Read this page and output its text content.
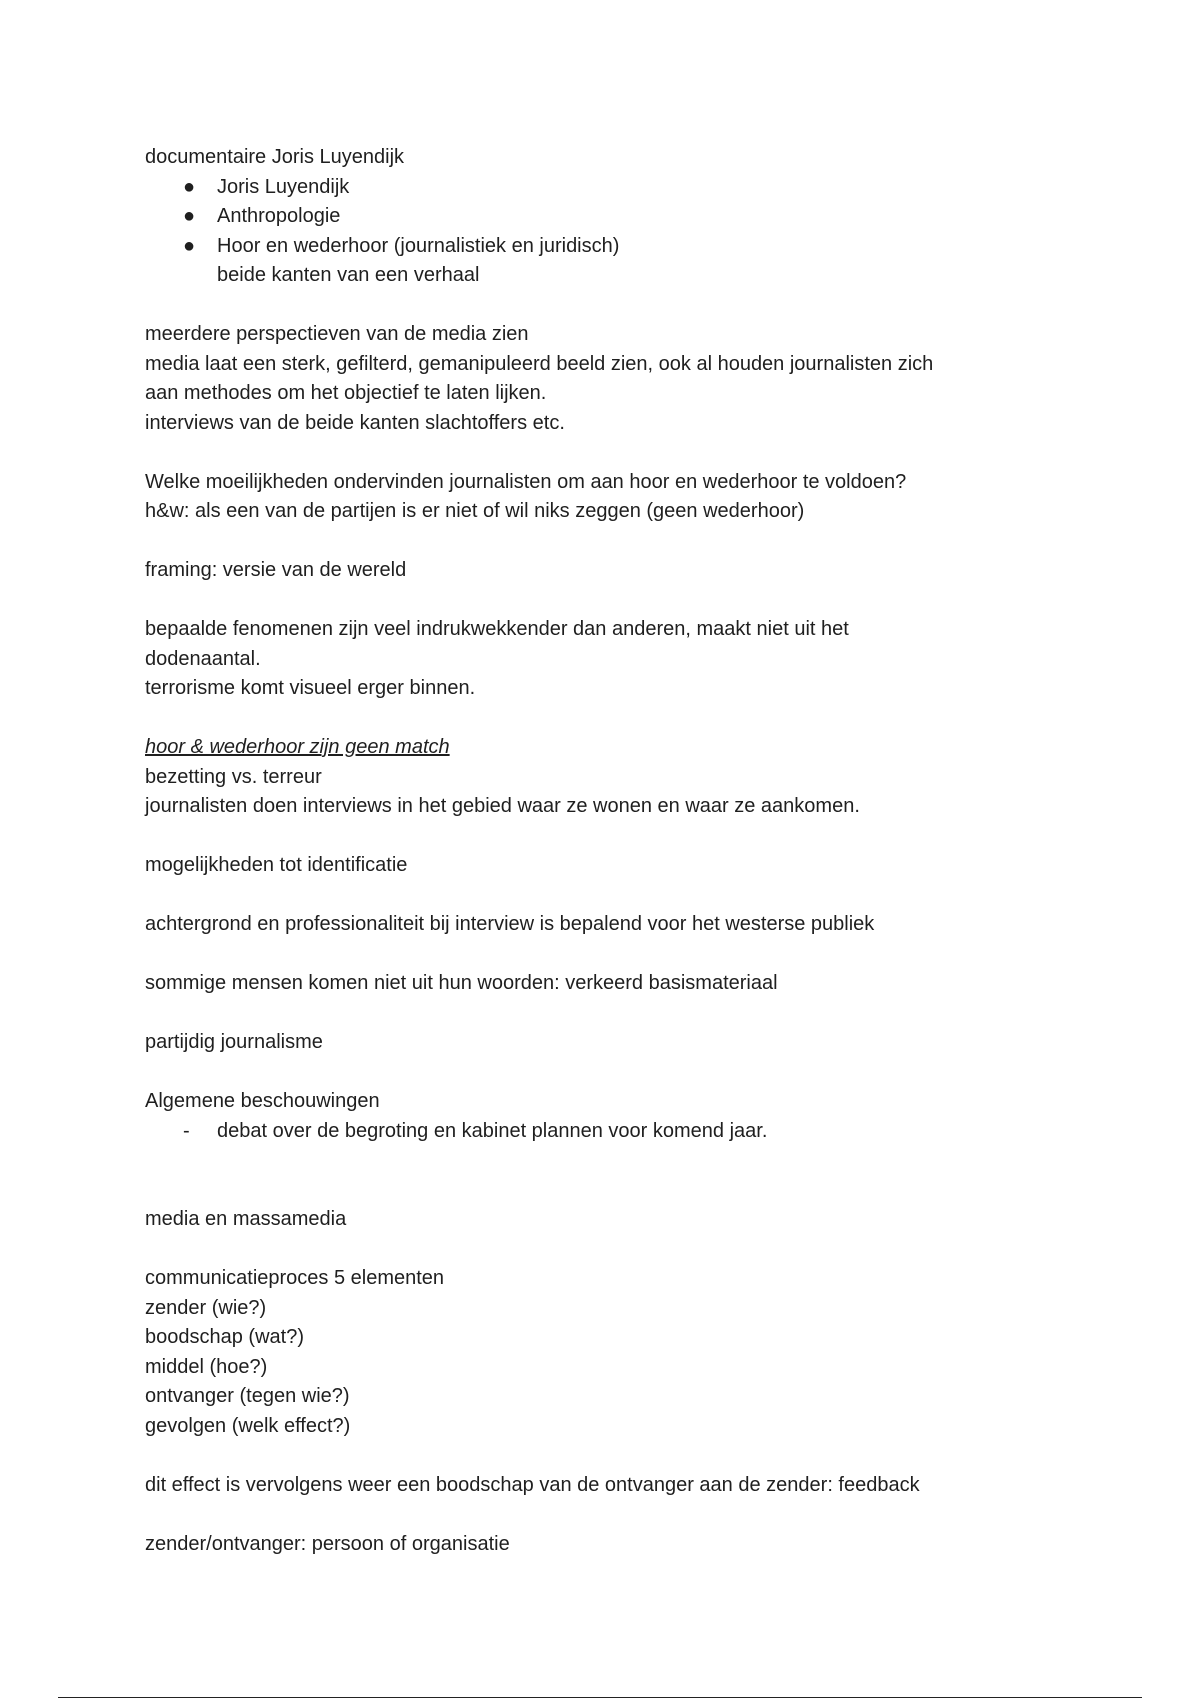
documentaire Joris Luyendijk
● Joris Luyendijk
● Anthropologie
● Hoor en wederhoor (journalistiek en juridisch)
beide kanten van een verhaal
meerdere perspectieven van de media zien
media laat een sterk, gefilterd, gemanipuleerd beeld zien, ook al houden journalisten zich
aan methodes om het objectief te laten lijken.
interviews van de beide kanten slachtoffers etc.
Welke moeilijkheden ondervinden journalisten om aan hoor en wederhoor te voldoen?
h&w: als een van de partijen is er niet of wil niks zeggen (geen wederhoor)
framing: versie van de wereld
bepaalde fenomenen zijn veel indrukwekkender dan anderen, maakt niet uit het
dodenaantal.
terrorisme komt visueel erger binnen.
hoor & wederhoor zijn geen match
bezetting vs. terreur
journalisten doen interviews in het gebied waar ze wonen en waar ze aankomen.
mogelijkheden tot identificatie
achtergrond en professionaliteit bij interview is bepalend voor het westerse publiek
sommige mensen komen niet uit hun woorden: verkeerd basismateriaal
partijdig journalisme
Algemene beschouwingen
- debat over de begroting en kabinet plannen voor komend jaar.
media en massamedia
communicatieproces 5 elementen
zender (wie?)
boodschap (wat?)
middel (hoe?)
ontvanger (tegen wie?)
gevolgen (welk effect?)
dit effect is vervolgens weer een boodschap van de ontvanger aan de zender: feedback
zender/ontvanger: persoon of organisatie
